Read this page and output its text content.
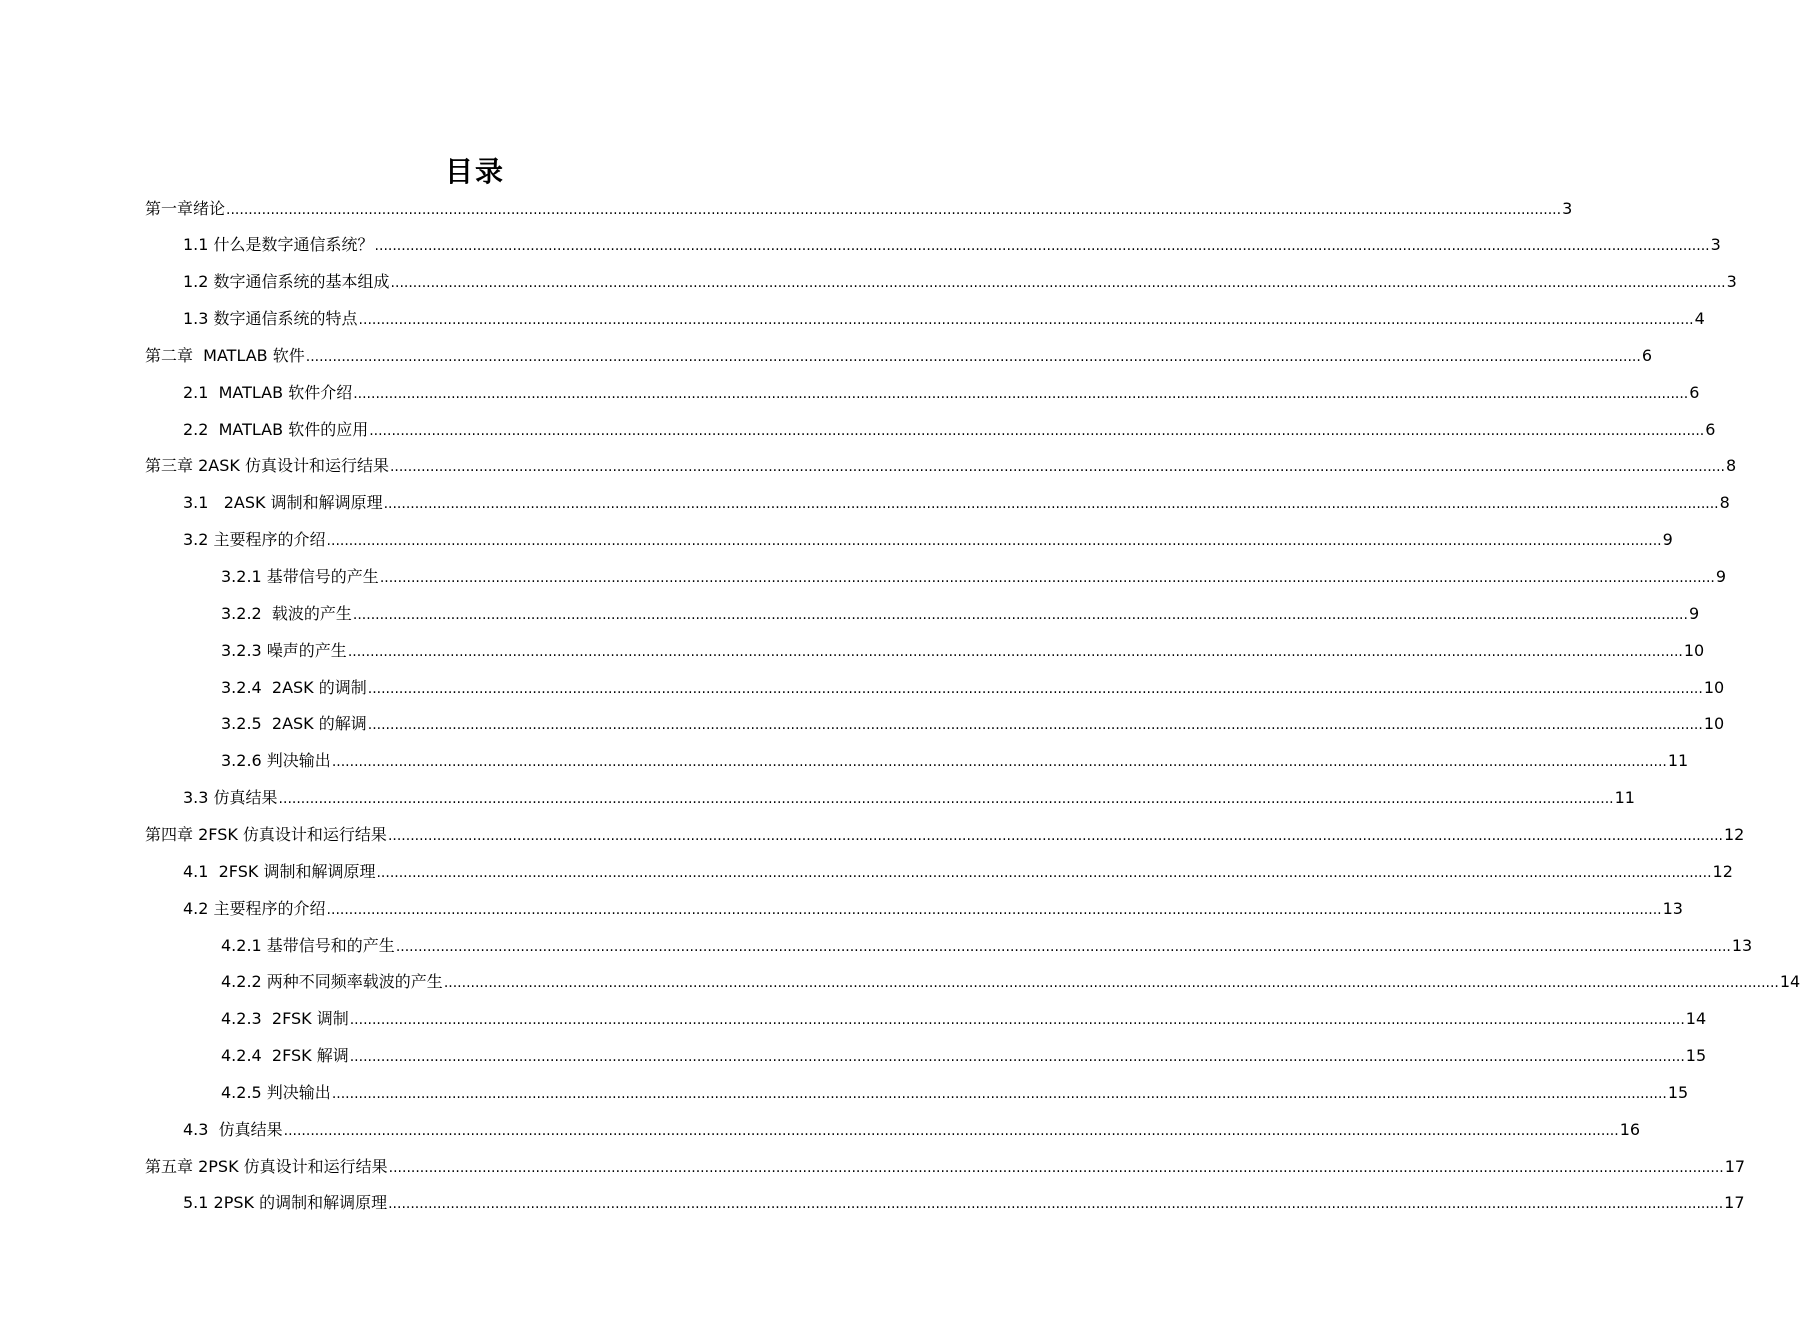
目录
第一章绪论 ............................................................................................................................................................................................................................................................................................................ 3
1.1 什么是数字通信系统？ ............................................................................................................................................................................................................................................................................................................ 3
1.2 数字通信系统的基本组成 ............................................................................................................................................................................................................................................................................................................ 3
1.3 数字通信系统的特点 ............................................................................................................................................................................................................................................................................................................ 4
第二章  MATLAB 软件 ............................................................................................................................................................................................................................................................................................................ 6
2.1  MATLAB 软件介绍 ............................................................................................................................................................................................................................................................................................................ 6
2.2  MATLAB 软件的应用 ............................................................................................................................................................................................................................................................................................................ 6
第三章 2ASK 仿真设计和运行结果 ............................................................................................................................................................................................................................................................................................................ 8
3.1   2ASK 调制和解调原理 ............................................................................................................................................................................................................................................................................................................ 8
3.2 主要程序的介绍 ............................................................................................................................................................................................................................................................................................................ 9
3.2.1 基带信号的产生 ............................................................................................................................................................................................................................................................................................................ 9
3.2.2  载波的产生 ............................................................................................................................................................................................................................................................................................................ 9
3.2.3 噪声的产生 ............................................................................................................................................................................................................................................................................................................ 10
3.2.4  2ASK 的调制 ............................................................................................................................................................................................................................................................................................................ 10
3.2.5  2ASK 的解调 ............................................................................................................................................................................................................................................................................................................ 10
3.2.6 判决输出 ............................................................................................................................................................................................................................................................................................................ 11
3.3 仿真结果 ............................................................................................................................................................................................................................................................................................................ 11
第四章 2FSK 仿真设计和运行结果 ............................................................................................................................................................................................................................................................................................................ 12
4.1  2FSK 调制和解调原理 ............................................................................................................................................................................................................................................................................................................ 12
4.2 主要程序的介绍 ............................................................................................................................................................................................................................................................................................................ 13
4.2.1 基带信号和的产生 ............................................................................................................................................................................................................................................................................................................ 13
4.2.2 两种不同频率载波的产生 ............................................................................................................................................................................................................................................................................................................ 14
4.2.3  2FSK 调制 ............................................................................................................................................................................................................................................................................................................ 14
4.2.4  2FSK 解调 ............................................................................................................................................................................................................................................................................................................ 15
4.2.5 判决输出 ............................................................................................................................................................................................................................................................................................................ 15
4.3  仿真结果 ............................................................................................................................................................................................................................................................................................................ 16
第五章 2PSK 仿真设计和运行结果 ............................................................................................................................................................................................................................................................................................................ 17
5.1 2PSK 的调制和解调原理 ............................................................................................................................................................................................................................................................................................................ 17
